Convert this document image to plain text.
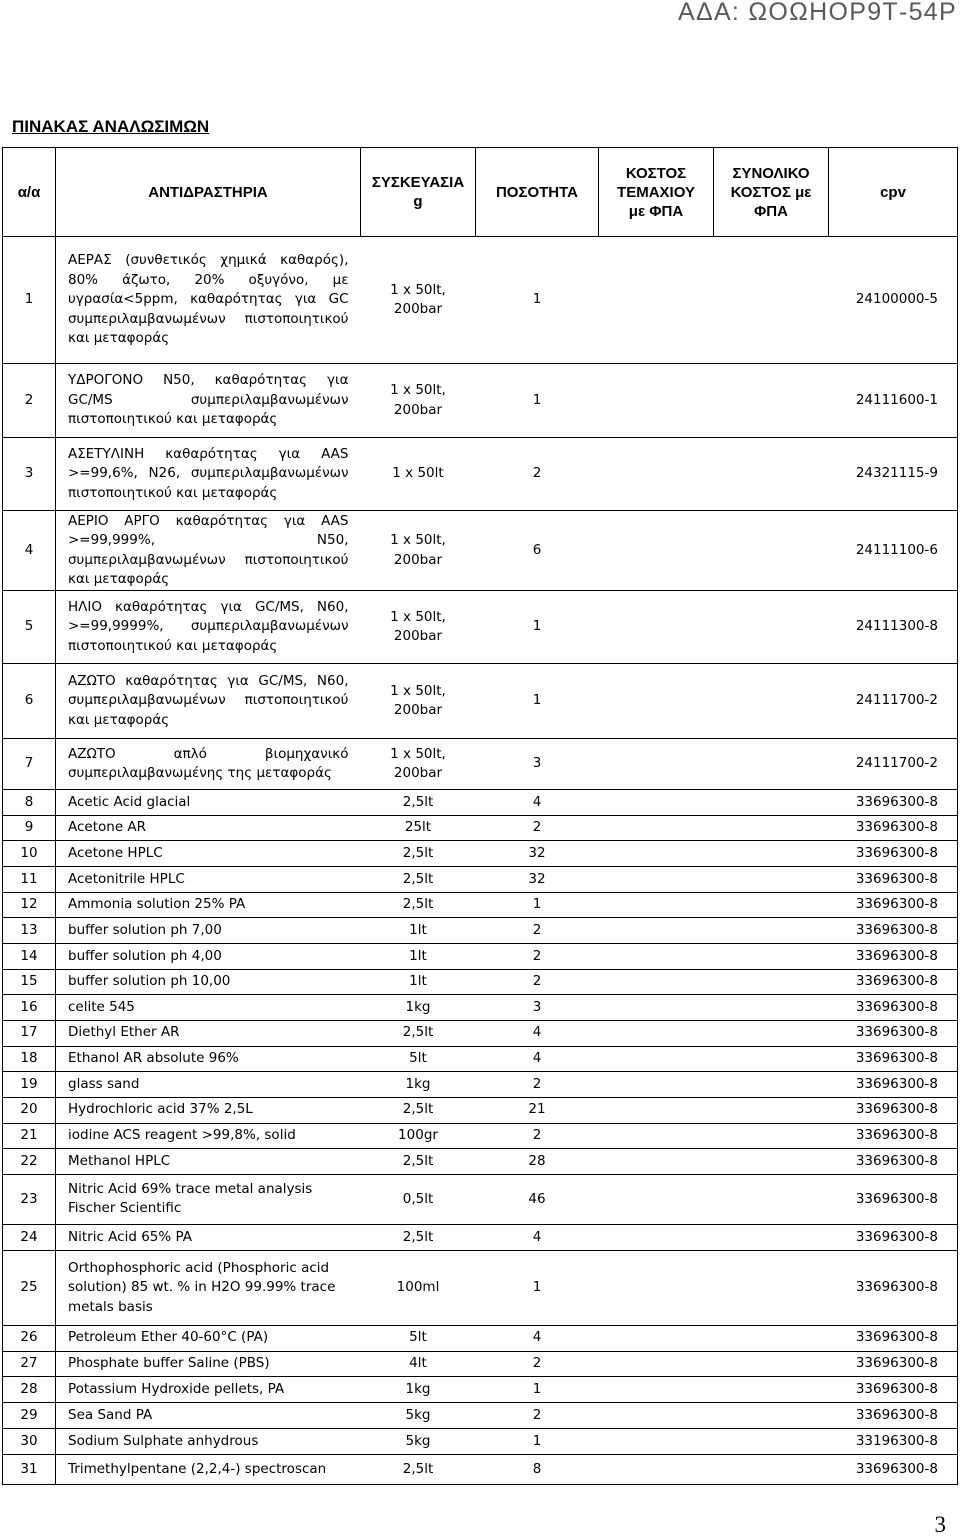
ΑΔΑ: ΩΟΩΗΟΡ9Τ-54Ρ
ΠΙΝΑΚΑΣ ΑΝΑΛΩΣΙΜΩΝ
α/α	ΑΝΤΙΔΡΑΣΤΗΡΙΑ	ΣΥΣΚΕΥΑΣΙΑ
g	ΠΟΣΟΤΗΤΑ	ΚΟΣΤΟΣ
ΤΕΜΑΧΙΟΥ
με ΦΠΑ	ΣΥΝΟΛΙΚΟ
ΚΟΣΤΟΣ με
ΦΠΑ	cpv
1	ΑΕΡΑΣ (συνθετικός χημικά καθαρός), 80% άζωτο, 20% οξυγόνο, με υγρασία<5ppm, καθαρότητας για GC συμπεριλαμβανωμένων πιστοποιητικού και μεταφοράς	1 x 50lt,
200bar	1			24100000-5
2	ΥΔΡΟΓΟΝΟ N50, καθαρότητας για GC/MS συμπεριλαμβανωμένων πιστοποιητικού και μεταφοράς	1 x 50lt,
200bar	1			24111600-1
3	ΑΣΕΤΥΛΙΝΗ καθαρότητας για AAS >=99,6%, N26, συμπεριλαμβανωμένων πιστοποιητικού και μεταφοράς	1 x 50lt	2			24321115-9
4	ΑΕΡΙΟ ΑΡΓΟ καθαρότητας για AAS >=99,999%, N50, συμπεριλαμβανωμένων πιστοποιητικού και μεταφοράς	1 x 50lt,
200bar	6			24111100-6
5	ΗΛΙΟ καθαρότητας για GC/MS, N60, >=99,9999%, συμπεριλαμβανωμένων πιστοποιητικού και μεταφοράς	1 x 50lt,
200bar	1			24111300-8
6	ΑΖΩΤΟ καθαρότητας για GC/MS, N60, συμπεριλαμβανωμένων πιστοποιητικού και μεταφοράς	1 x 50lt,
200bar	1			24111700-2
7	ΑΖΩΤΟ απλό βιομηχανικό συμπεριλαμβανωμένης της μεταφοράς	1 x 50lt,
200bar	3			24111700-2
8	Acetic Acid glacial	2,5lt	4			33696300-8
9	Acetone AR	25lt	2			33696300-8
10	Acetone HPLC	2,5lt	32			33696300-8
11	Acetonitrile HPLC	2,5lt	32			33696300-8
12	Ammonia solution 25% PA	2,5lt	1			33696300-8
13	buffer solution ph 7,00	1lt	2			33696300-8
14	buffer solution ph 4,00	1lt	2			33696300-8
15	buffer solution ph 10,00	1lt	2			33696300-8
16	celite 545	1kg	3			33696300-8
17	Diethyl Ether AR	2,5lt	4			33696300-8
18	Ethanol AR absolute 96%	5lt	4			33696300-8
19	glass sand	1kg	2			33696300-8
20	Hydrochloric acid 37% 2,5L	2,5lt	21			33696300-8
21	iodine ACS reagent >99,8%, solid	100gr	2			33696300-8
22	Methanol HPLC	2,5lt	28			33696300-8
23	Nitric Acid 69% trace metal analysis Fischer Scientific	0,5lt	46			33696300-8
24	Nitric Acid 65% PA	2,5lt	4			33696300-8
25	Orthophosphoric acid (Phosphoric acid solution) 85 wt. % in H2O 99.99% trace metals basis	100ml	1			33696300-8
26	Petroleum Ether 40-60°C (PA)	5lt	4			33696300-8
27	Phosphate buffer Saline (PBS)	4lt	2			33696300-8
28	Potassium Hydroxide pellets, PA	1kg	1			33696300-8
29	Sea Sand PA	5kg	2			33696300-8
30	Sodium Sulphate anhydrous	5kg	1			33196300-8
31	Trimethylpentane (2,2,4-) spectroscan	2,5lt	8			33696300-8
3
